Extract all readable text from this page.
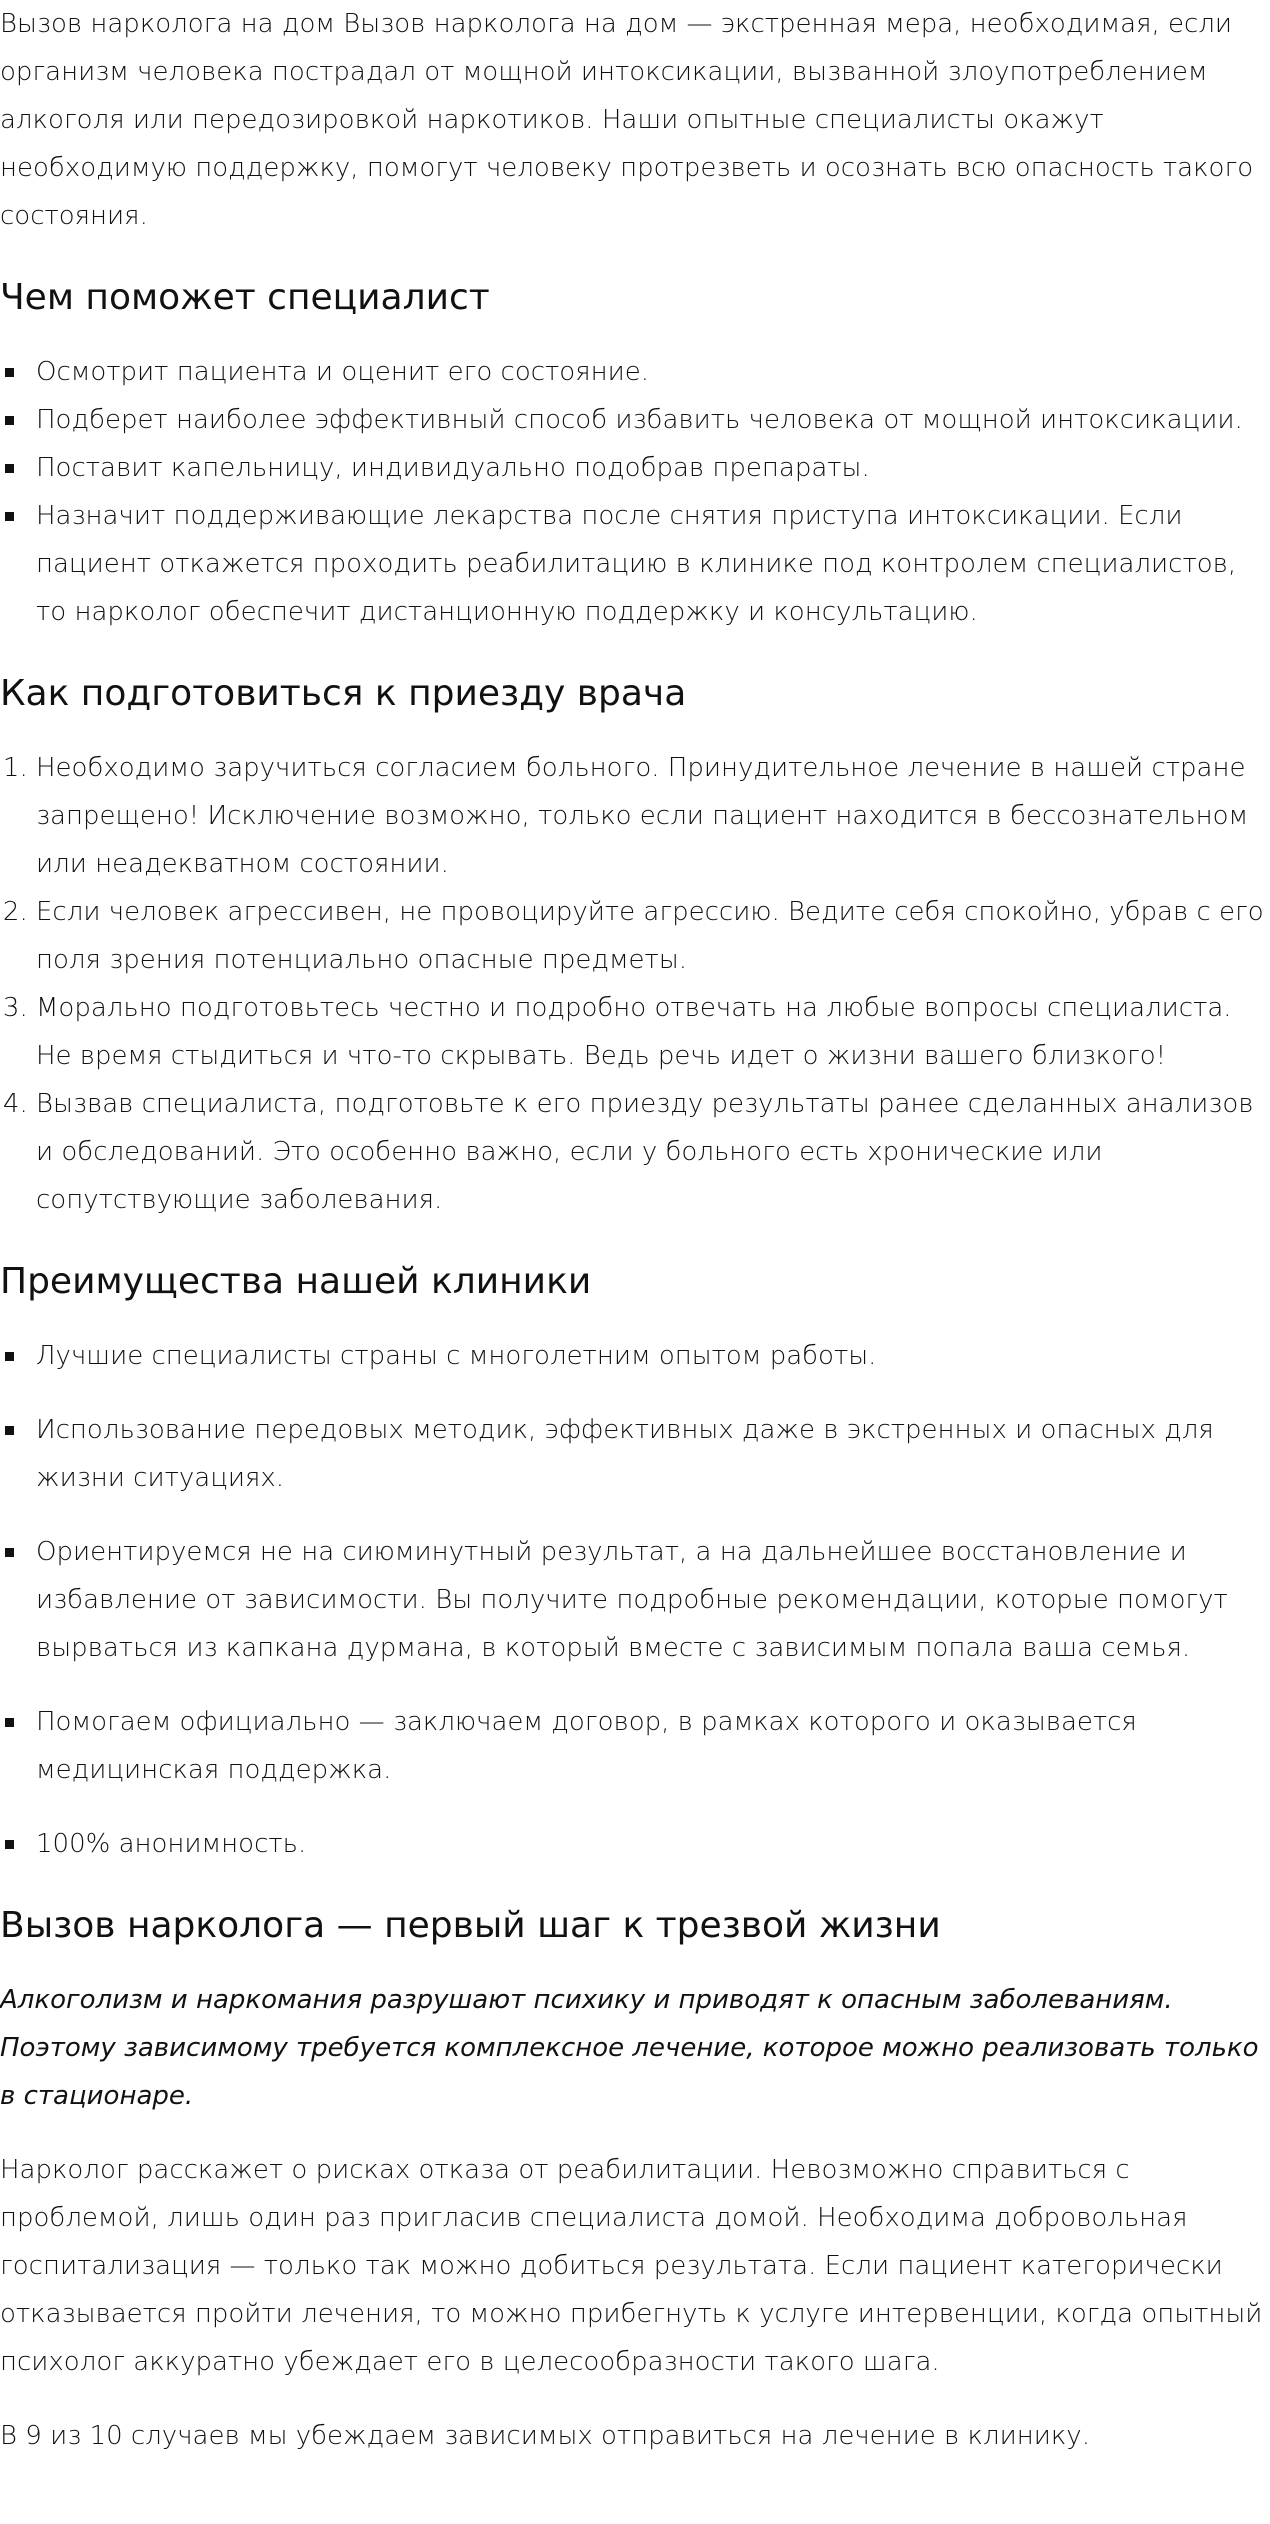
Вызов нарколога на дом Вызов нарколога на дом — экстренная мера, необходимая, если организм человека пострадал от мощной интоксикации, вызванной злоупотреблением алкоголя или передозировкой наркотиков. Наши опытные специалисты окажут необходимую поддержку, помогут человеку протрезветь и осознать всю опасность такого состояния.

Чем поможет специалист
Осмотрит пациента и оценит его состояние.
Подберет наиболее эффективный способ избавить человека от мощной интоксикации.
Поставит капельницу, индивидуально подобрав препараты.
Назначит поддерживающие лекарства после снятия приступа интоксикации. Если пациент откажется проходить реабилитацию в клинике под контролем специалистов, то нарколог обеспечит дистанционную поддержку и консультацию.
Как подготовиться к приезду врача
1. Необходимо заручиться согласием больного. Принудительное лечение в нашей стране запрещено! Исключение возможно, только если пациент находится в бессознательном или неадекватном состоянии.
2. Если человек агрессивен, не провоцируйте агрессию. Ведите себя спокойно, убрав с его поля зрения потенциально опасные предметы.
3. Морально подготовьтесь честно и подробно отвечать на любые вопросы специалиста. Не время стыдиться и что-то скрывать. Ведь речь идет о жизни вашего близкого!
4. Вызвав специалиста, подготовьте к его приезду результаты ранее сделанных анализов и обследований. Это особенно важно, если у больного есть хронические или сопутствующие заболевания.
Преимущества нашей клиники
Лучшие специалисты страны с многолетним опытом работы.
Использование передовых методик, эффективных даже в экстренных и опасных для жизни ситуациях.
Ориентируемся не на сиюминутный результат, а на дальнейшее восстановление и избавление от зависимости. Вы получите подробные рекомендации, которые помогут вырваться из капкана дурмана, в который вместе с зависимым попала ваша семья.
Помогаем официально — заключаем договор, в рамках которого и оказывается медицинская поддержка.
100% анонимность.
Вызов нарколога — первый шаг к трезвой жизни

Алкоголизм и наркомания разрушают психику и приводят к опасным заболеваниям. Поэтому зависимому требуется комплексное лечение, которое можно реализовать только в стационаре.

Нарколог расскажет о рисках отказа от реабилитации. Невозможно справиться с проблемой, лишь один раз пригласив специалиста домой. Необходима добровольная госпитализация — только так можно добиться результата. Если пациент категорически отказывается пройти лечения, то можно прибегнуть к услуге интервенции, когда опытный психолог аккуратно убеждает его в целесообразности такого шага.

В 9 из 10 случаев мы убеждаем зависимых отправиться на лечение в клинику.
